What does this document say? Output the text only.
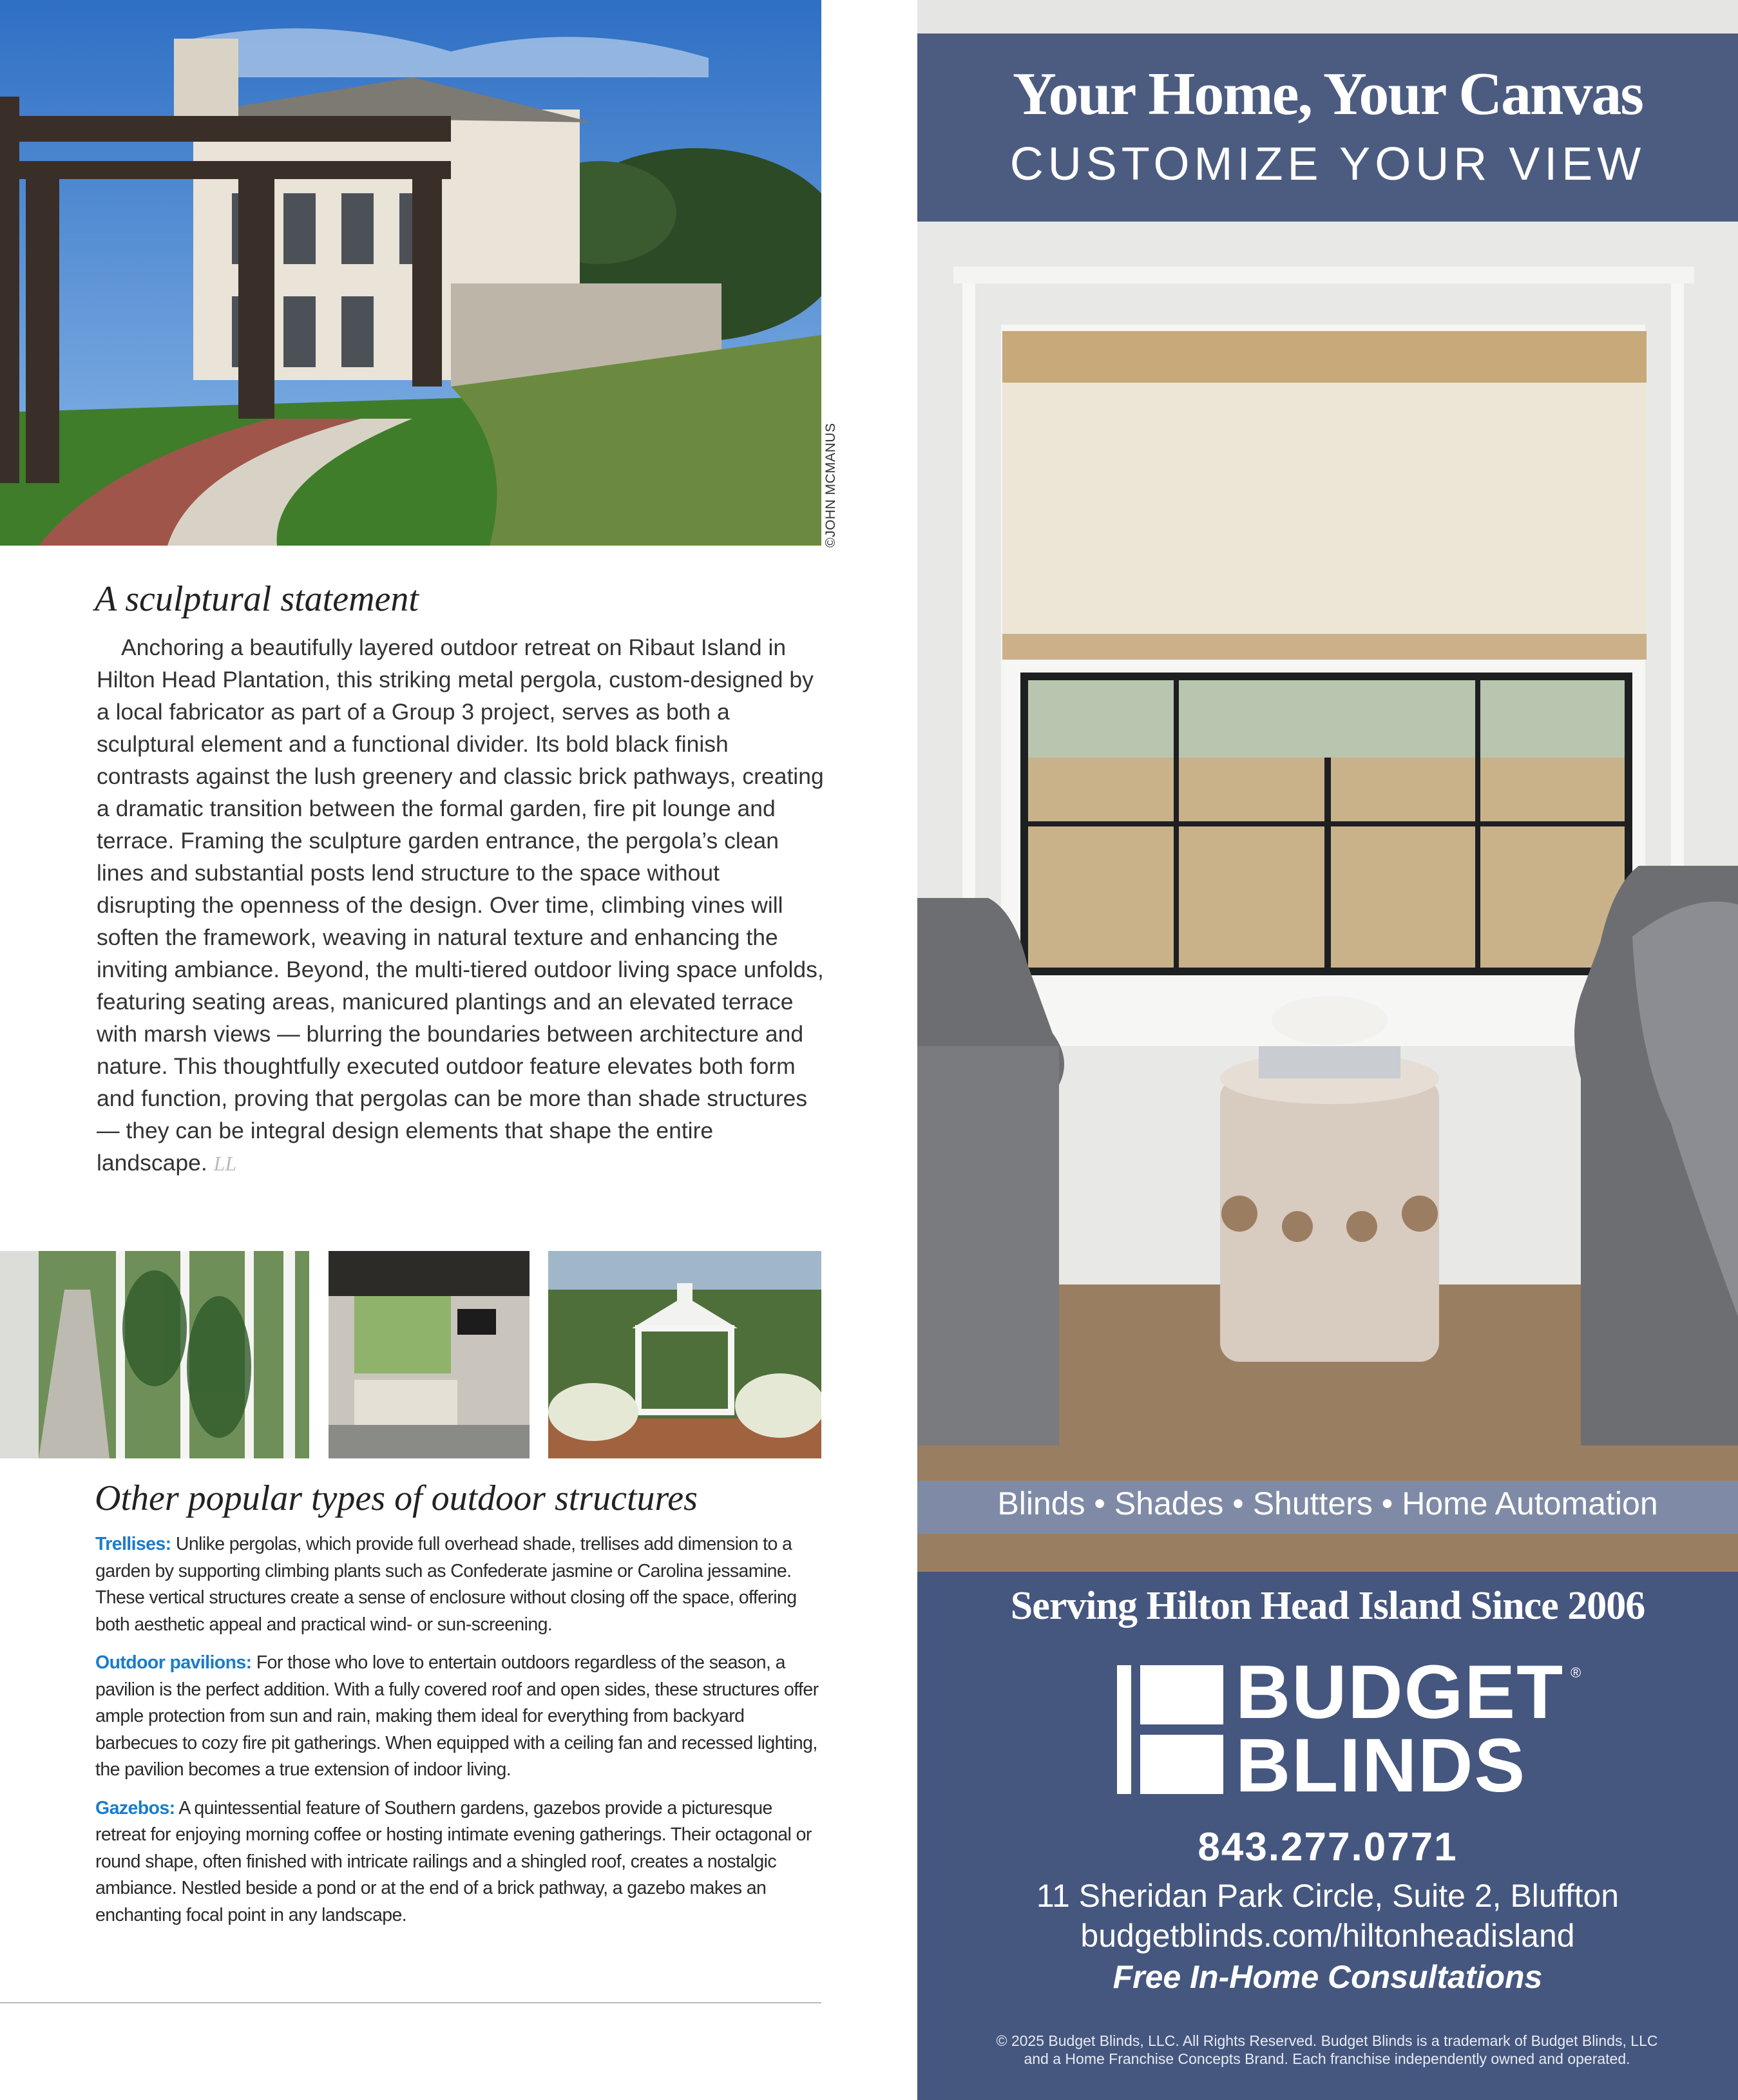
©JOHN MCMANUS
A sculptural statement

Anchoring a beautifully layered outdoor retreat on Ribaut Island in Hilton Head Plantation, this striking metal pergola, custom-designed by a local fabricator as part of a Group 3 project, serves as both a sculptural element and a functional divider. Its bold black finish contrasts against the lush greenery and classic brick pathways, creating a dramatic transition between the formal garden, fire pit lounge and terrace. Framing the sculpture garden entrance, the pergola’s clean lines and substantial posts lend structure to the space without disrupting the openness of the design. Over time, climbing vines will soften the framework, weaving in natural texture and enhancing the inviting ambiance. Beyond, the multi-tiered outdoor living space unfolds, featuring seating areas, manicured plantings and an elevated terrace with marsh views — blurring the boundaries between architecture and nature. This thoughtfully executed outdoor feature elevates both form and function, proving that pergolas can be more than shade structures — they can be integral design elements that shape the entire landscape. LL

Other popular types of outdoor structures

Trellises: Unlike pergolas, which provide full overhead shade, trellises add dimension to a garden by supporting climbing plants such as Confederate jasmine or Carolina jessamine. These vertical structures create a sense of enclosure without closing off the space, offering both aesthetic appeal and practical wind- or sun-screening.

Outdoor pavilions: For those who love to entertain outdoors regardless of the season, a pavilion is the perfect addition. With a fully covered roof and open sides, these structures offer ample protection from sun and rain, making them ideal for everything from backyard barbecues to cozy fire pit gatherings. When equipped with a ceiling fan and recessed lighting, the pavilion becomes a true extension of indoor living.

Gazebos: A quintessential feature of Southern gardens, gazebos provide a picturesque retreat for enjoying morning coffee or hosting intimate evening gatherings. Their octagonal or round shape, often finished with intricate railings and a shingled roof, creates a nostalgic ambiance. Nestled beside a pond or at the end of a brick pathway, a gazebo makes an enchanting focal point in any landscape.

Your Home, Your Canvas
CUSTOMIZE YOUR VIEW
Blinds • Shades • Shutters • Home Automation
Serving Hilton Head Island Since 2006
BUDGET
BLINDS
®
843.277.0771
11 Sheridan Park Circle, Suite 2, Bluffton
budgetblinds.com/hiltonheadisland
Free In-Home Consultations
© 2025 Budget Blinds, LLC. All Rights Reserved. Budget Blinds is a trademark of Budget Blinds, LLC
and a Home Franchise Concepts Brand. Each franchise independently owned and operated.
